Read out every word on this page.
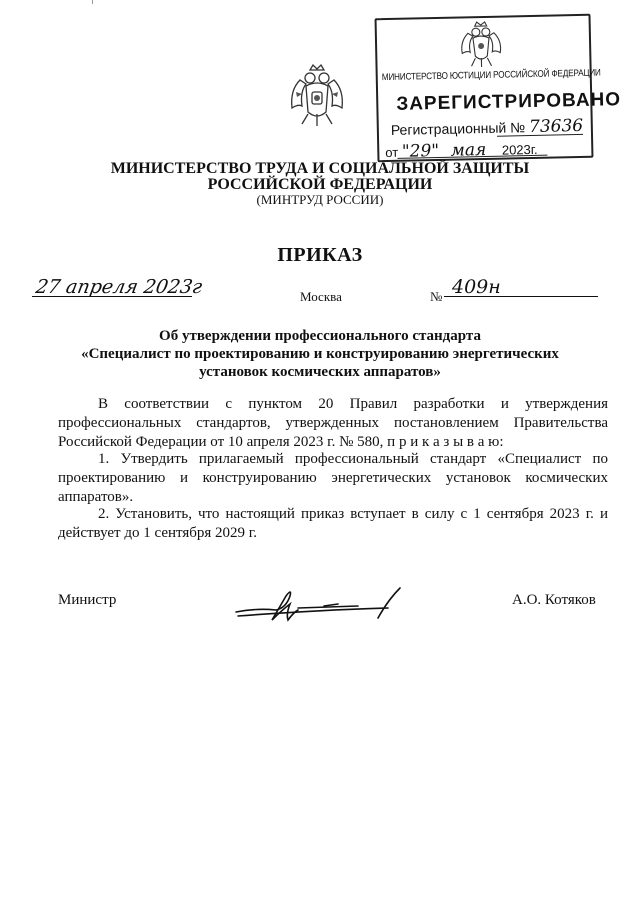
МИНИСТЕРСТВО ЮСТИЦИИ РОССИЙСКОЙ ФЕДЕРАЦИИ
ЗАРЕГИСТРИРОВАНО
Регистрационный № 73636
от "29" мая 2023г.
МИНИСТЕРСТВО ТРУДА И СОЦИАЛЬНОЙ ЗАЩИТЫ
РОССИЙСКОЙ ФЕДЕРАЦИИ
(МИНТРУД РОССИИ)
ПРИКАЗ
27 апреля 2023г	Москва	№ 409н
Об утверждении профессионального стандарта
«Специалист по проектированию и конструированию энергетических
установок космических аппаратов»

В соответствии с пунктом 20 Правил разработки и утверждения профессиональных стандартов, утвержденных постановлением Правительства Российской Федерации от 10 апреля 2023 г. № 580, п р и к а з ы в а ю:

1. Утвердить прилагаемый профессиональный стандарт «Специалист по проектированию и конструированию энергетических установок космических аппаратов».

2. Установить, что настоящий приказ вступает в силу с 1 сентября 2023 г. и действует до 1 сентября 2029 г.

Министр	А.О. Котяков
